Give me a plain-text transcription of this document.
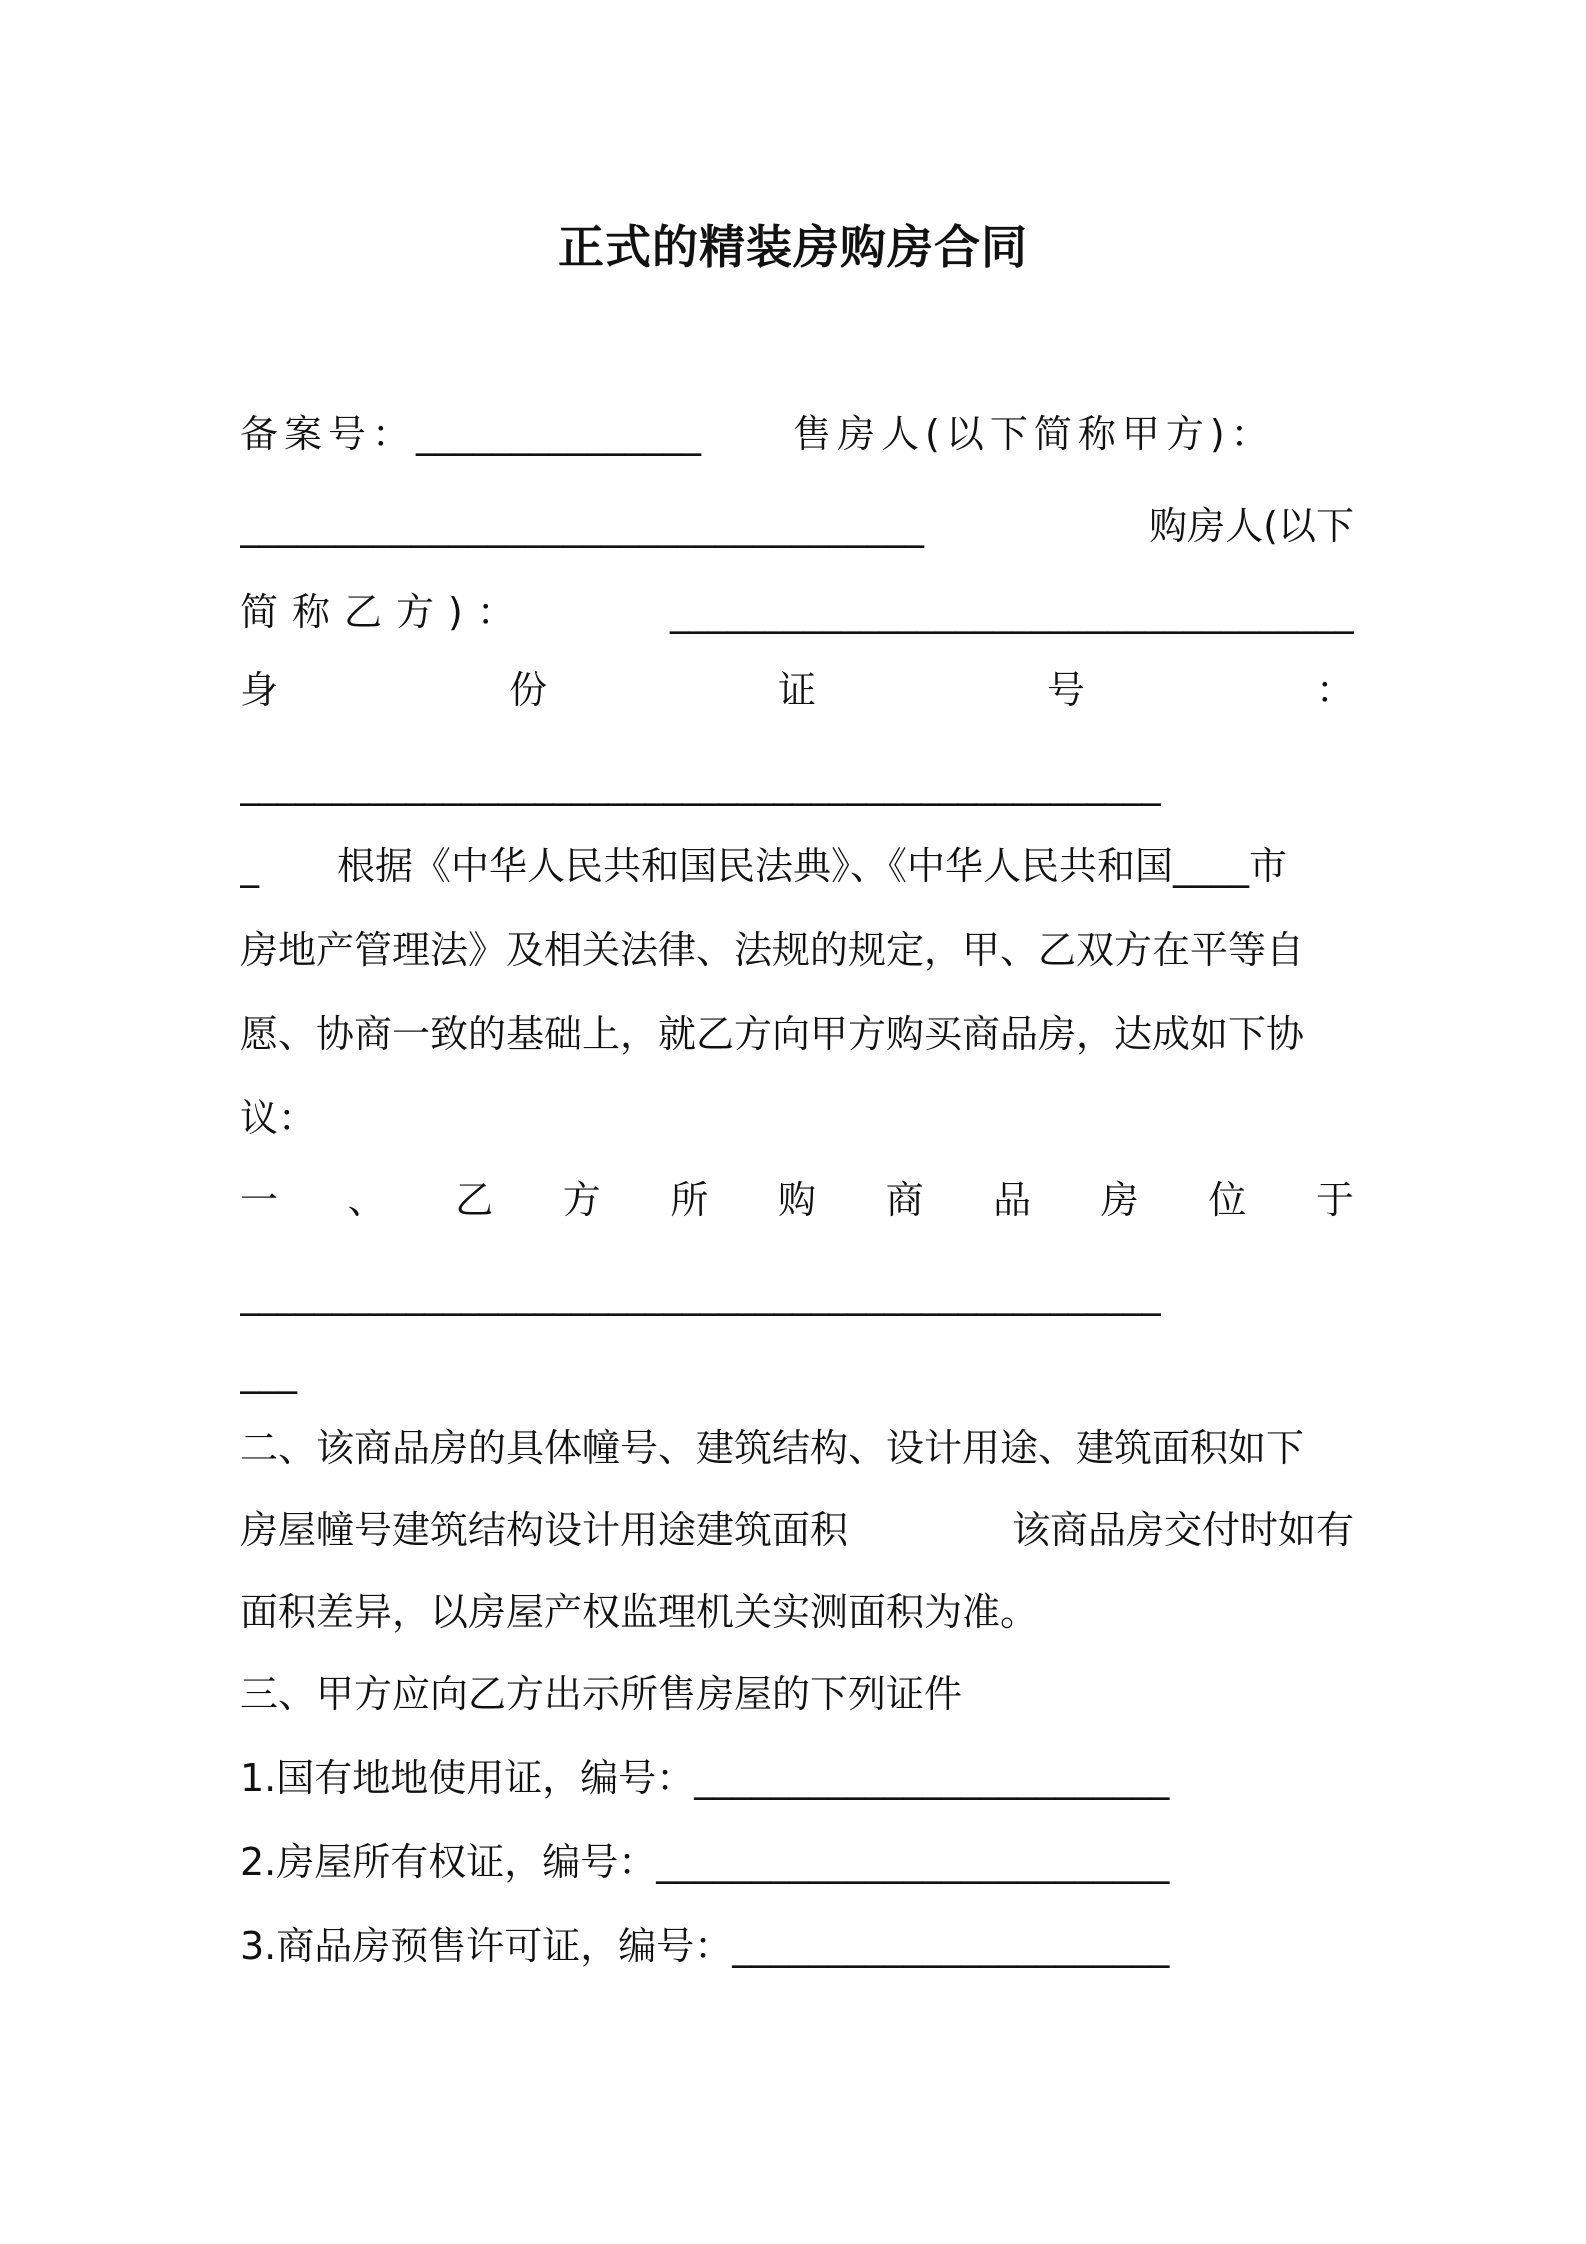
正式的精装房购房合同
备案号：_______________ 售房人(以下简称甲方)：
____________________________________	购房人(以下
简称乙方)：	____________________________________
身	份	证	号	：
__________________________________________________
_ 根据《中华人民共和国民法典》、《中华人民共和国____市
房地产管理法》及相关法律、法规的规定，甲、乙双方在平等自
愿、协商一致的基础上，就乙方向甲方购买商品房，达成如下协
议：
一 、 乙 方 所 购 商 品 房 位 于
__________________________________________________
___
二、该商品房的具体幢号、建筑结构、设计用途、建筑面积如下
房屋幢号建筑结构设计用途建筑面积	该商品房交付时如有
面积差异，以房屋产权监理机关实测面积为准。
三、甲方应向乙方出示所售房屋的下列证件
1.国有地地使用证，编号：_________________________
2.房屋所有权证，编号：___________________________
3.商品房预售许可证，编号：_______________________
